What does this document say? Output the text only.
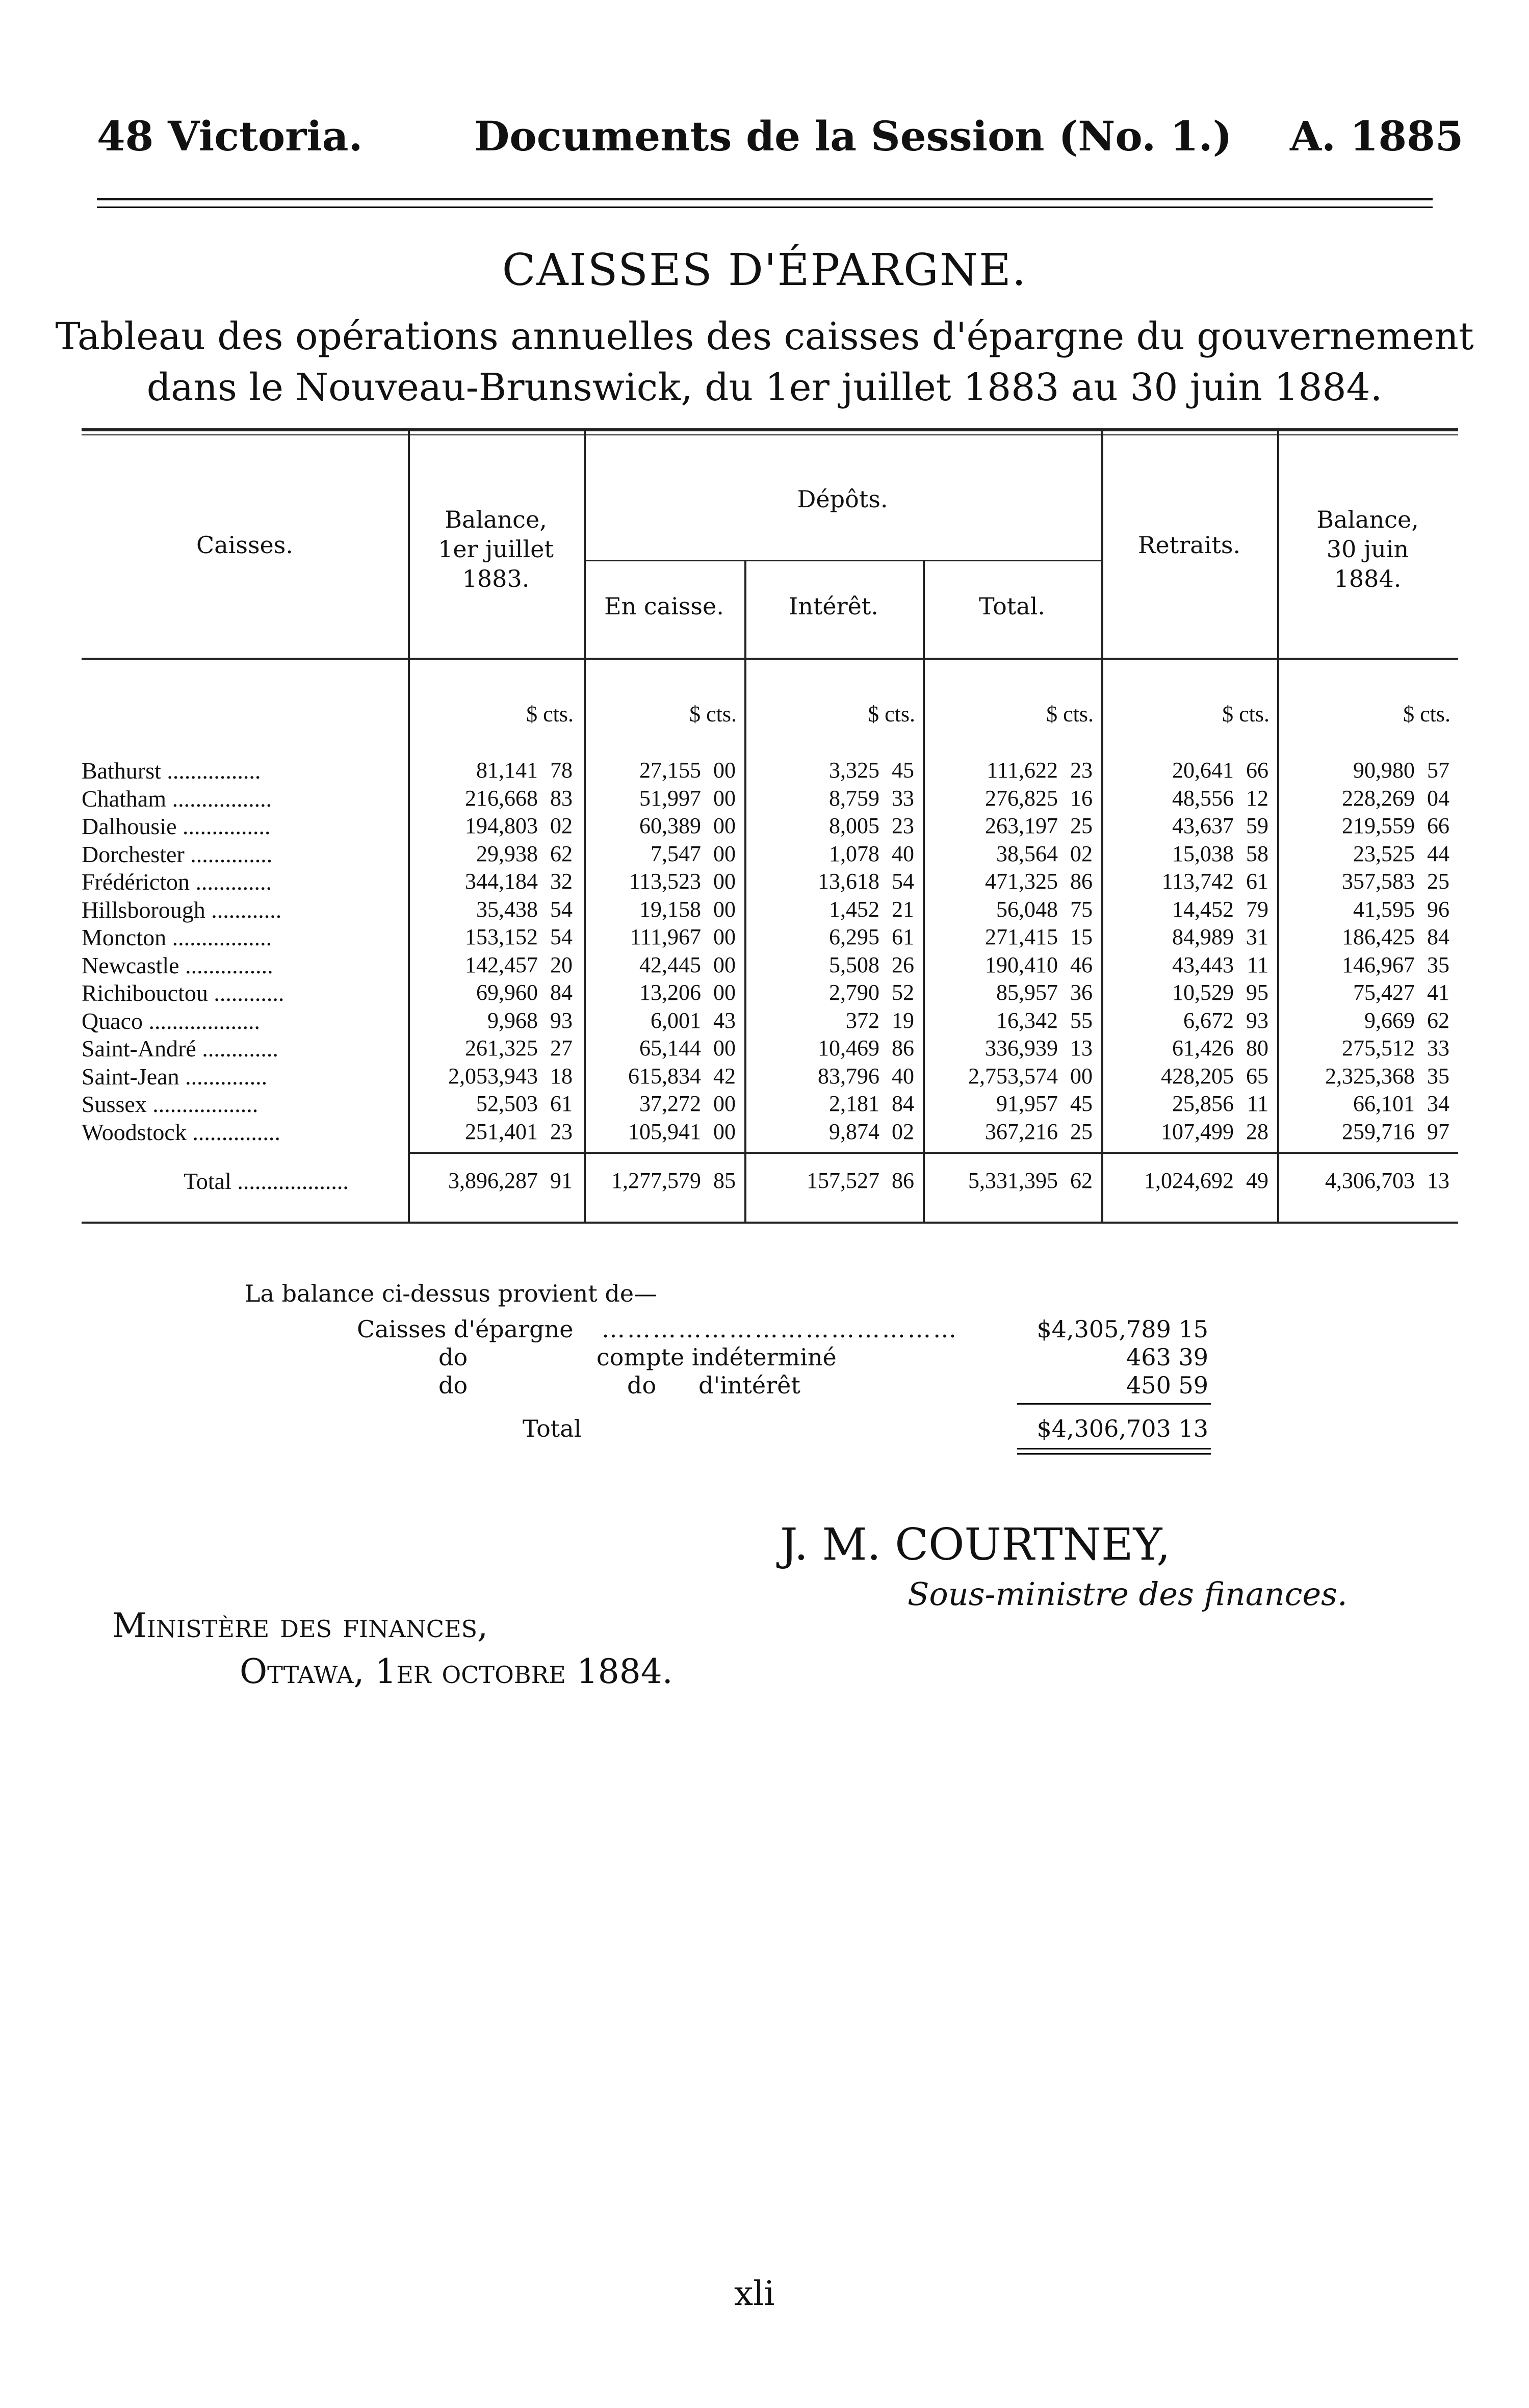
48 Victoria.	Documents de la Session (No. 1.) A. 1885
CAISSES D'ÉPARGNE.
Tableau des opérations annuelles des caisses d'épargne du gouvernement
dans le Nouveau-Brunswick, du 1er juillet 1883 au 30 juin 1884.
Caisses.
Balance,
1er juillet
1883.
Dépôts.
En caisse.	Intérêt.	Total.
Retraits.
Balance,
30 juin
1884.
$ cts.	$ cts.	$ cts.	$ cts.	$ cts.	$ cts.
Bathurst ................	81,141 78	27,155 00	3,325 45	111,622 23	20,641 66	90,980 57
Chatham .................	216,668 83	51,997 00	8,759 33	276,825 16	48,556 12	228,269 04
Dalhousie ...............	194,803 02	60,389 00	8,005 23	263,197 25	43,637 59	219,559 66
Dorchester ..............	29,938 62	7,547 00	1,078 40	38,564 02	15,038 58	23,525 44
Frédéricton .............	344,184 32	113,523 00	13,618 54	471,325 86	113,742 61	357,583 25
Hillsborough ............	35,438 54	19,158 00	1,452 21	56,048 75	14,452 79	41,595 96
Moncton .................	153,152 54	111,967 00	6,295 61	271,415 15	84,989 31	186,425 84
Newcastle ...............	142,457 20	42,445 00	5,508 26	190,410 46	43,443 11	146,967 35
Richibouctou ............	69,960 84	13,206 00	2,790 52	85,957 36	10,529 95	75,427 41
Quaco ...................	9,968 93	6,001 43	372 19	16,342 55	6,672 93	9,669 62
Saint-André .............	261,325 27	65,144 00	10,469 86	336,939 13	61,426 80	275,512 33
Saint-Jean ..............	2,053,943 18	615,834 42	83,796 40	2,753,574 00	428,205 65	2,325,368 35
Sussex ..................	52,503 61	37,272 00	2,181 84	91,957 45	25,856 11	66,101 34
Woodstock ...............	251,401 23	105,941 00	9,874 02	367,216 25	107,499 28	259,716 97
Total ...................	3,896,287 91	1,277,579 85	157,527 86	5,331,395 62	1,024,692 49	4,306,703 13
La balance ci-dessus provient de—
Caisses d'épargne ……………………………………	$4,305,789 15
do	compte indéterminé	463 39
do	do d'intérêt	450 59
Total	$4,306,703 13
J. M. COURTNEY,
Sous-ministre des finances.
Ministère des finances,
Ottawa, 1er octobre 1884.
xli
